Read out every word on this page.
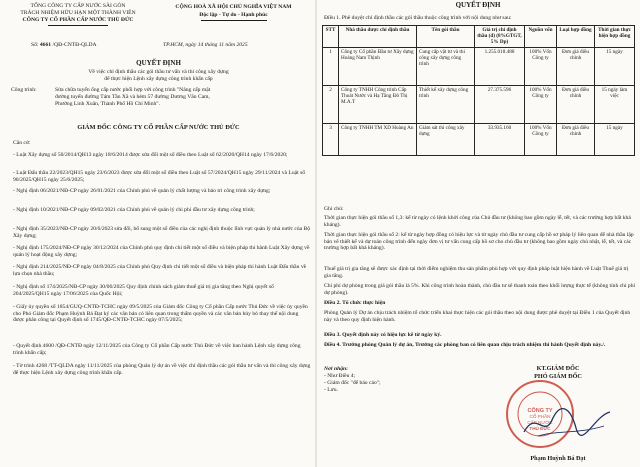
TỔNG CÔNG TY CẤP NƯỚC SÀI GÒN
TRÁCH NHIỆM HỮU HẠN MỘT THÀNH VIÊN
CÔNG TY CỔ PHẦN CẤP NƯỚC THỦ ĐỨC
CỘNG HOÀ XÃ HỘI CHỦ NGHĨA VIỆT NAM
Độc lập - Tự do - Hạnh phúc
Số: 4661 /QĐ-CNTĐ-QLDA	TP.HCM, ngày 14 tháng 11 năm 2025
QUYẾT ĐỊNH
Về việc chỉ định thầu các gói thầu tư vấn và thi công xây dựng
để thực hiện Lệnh xây dựng công trình khẩn cấp
Công trình:	Sửa chữa tuyến ống cấp nước phối hợp với công trình "Nâng cấp mặt
đường tuyến đường Tám Tần Xã và hẻm 57 đường Dương Văn Cam,
Phường Linh Xuân, Thành Phố Hồ Chí Minh".
GIÁM ĐỐC CÔNG TY CỔ PHẦN CẤP NƯỚC THỦ ĐỨC
Căn cứ:
- Luật Xây dựng số 50/2014/QH13 ngày 18/6/2014 được sửa đổi một số điều theo Luật số 62/2020/QH14 ngày 17/6/2020;
- Luật Đấu thầu 22/2023/QH15 ngày 23/6/2023 được sửa đổi một số điều theo Luật số 57/2024/QH15 ngày 29/11/2024 và Luật số 90/2025/QH15 ngày 25/6/2025;
- Nghị định 06/2021/NĐ-CP ngày 26/01/2021 của Chính phủ về quản lý chất lượng và bảo trì công trình xây dựng;
- Nghị định 10/2021/NĐ-CP ngày 09/02/2021 của Chính phủ về quản lý chi phí đầu tư xây dựng công trình;
- Nghị định 35/2023/NĐ-CP ngày 20/6/2023 sửa đổi, bổ sung một số điều của các nghị định thuộc lĩnh vực quản lý nhà nước của Bộ Xây dựng;
- Nghị định 175/2024/NĐ-CP ngày 30/12/2024 của Chính phủ quy định chi tiết một số điều và biện pháp thi hành Luật Xây dựng về quản lý hoạt động xây dựng;
- Nghị định 214/2025/NĐ-CP ngày 04/8/2025 của Chính phủ Quy định chi tiết một số điều và biện pháp thi hành Luật Đấu thầu về lựa chọn nhà thầu;
- Nghị định số 174/2025/NĐ-CP ngày 30/06/2025 Quy định chính sách giảm thuế giá trị gia tăng theo Nghị quyết số 204/2025/QH15 ngày 17/06/2025 của Quốc Hội;
- Giấy ủy quyền số 1854/GUQ-CNTĐ-TCHC ngày 09/5/2025 của Giám đốc Công ty Cổ phần Cấp nước Thủ Đức về việc ủy quyền cho Phó Giám đốc Phạm Huỳnh Bá Đạt ký các văn bản có liên quan trong thẩm quyền và các văn bản hủy bỏ thay thế nội dung được phân công tại Quyết định số 1745/QĐ-CNTĐ-TCHC ngày 07/5/2025;
- Quyết định 4600 /QĐ-CNTĐ ngày 12/11/2025 của Công ty Cổ phần Cấp nước Thủ Đức về việc ban hành Lệnh xây dựng công trình khẩn cấp;
- Tờ trình 4268 /TT-QLDA ngày 11/11/2025 của phòng Quản lý dự án về việc chỉ định thầu các gói thầu tư vấn và thi công xây dựng để thực hiện Lệnh xây dựng công trình khẩn cấp.
QUYẾT ĐỊNH
Điều 1. Phê duyệt chỉ định thầu các gói thầu thuộc công trình với nội dung như sau:
STT	Nhà thầu được chỉ định thầu	Tên gói thầu	Giá trị chỉ định thầu (đ) (8%GTGT, 5% Dp)	Nguồn vốn	Loại hợp đồng	Thời gian thực hiện hợp đồng
1	Công ty Cổ phần Đầu tư Xây dựng Hoàng Nam Thịnh	Cung cấp vật tư và thi công xây dựng công trình	1.255.018.488	100% Vốn Công ty	Đơn giá điều chỉnh	15 ngày
2	Công ty TNHH Công trình Cấp Thoát Nước và Hạ Tầng Đô Thị M.A.T	Thiết kế xây dựng công trình	27.375.596	100% Vốn Công ty	Đơn giá điều chỉnh	15 ngày làm việc
3	Công ty TNHH TM XD Hoàng An	Giám sát thi công xây dựng	33.935.160	100% Vốn Công ty	Đơn giá điều chỉnh	15 ngày
Ghi chú:
Thời gian thực hiện gói thầu số 1,3: kể từ ngày có lệnh khởi công của Chủ đầu tư (không bao gồm ngày lễ, tết, và các trường hợp bất khả kháng).
Thời gian thực hiện gói thầu số 2: kể từ ngày hợp đồng có hiệu lực và từ ngày chủ đầu tư cung cấp hồ sơ pháp lý liên quan để nhà thầu lập bản vẽ thiết kế và dự toán công trình đến ngày đơn vị tư vấn cung cấp hồ sơ cho chủ đầu tư (không bao gồm ngày chủ nhật, lễ, tết, và các trường hợp bất khả kháng).
Thuế giá trị gia tăng sẽ được xác định tại thời điểm nghiệm thu sản phẩm phù hợp với quy định pháp luật hiện hành về Luật Thuế giá trị gia tăng.
Chi phí dự phòng trong giá gói thầu là 5%. Khi công trình hoàn thành, chủ đầu tư sẽ thanh toán theo khối lượng thực tế (không tính chi phí dự phòng).
Điều 2. Tổ chức thực hiện
Phòng Quản lý Dự án chịu trách nhiệm tổ chức triển khai thực hiện các gói thầu theo nội dung được phê duyệt tại Điều 1 của Quyết định này và theo quy định hiện hành.
Điều 3. Quyết định này có hiệu lực kể từ ngày ký.
Điều 4. Trưởng phòng Quản lý dự án, Trưởng các phòng ban có liên quan chịu trách nhiệm thi hành Quyết định này./.
Nơi nhận:
- Như Điều 4;
- Giám đốc "để báo cáo";
- Lưu.
KT.GIÁM ĐỐC
PHÓ GIÁM ĐỐC
CÔNG TY
CỔ PHẦN
CẤP NƯỚC
THỦ ĐỨC
Phạm Huỳnh Bá Đạt
